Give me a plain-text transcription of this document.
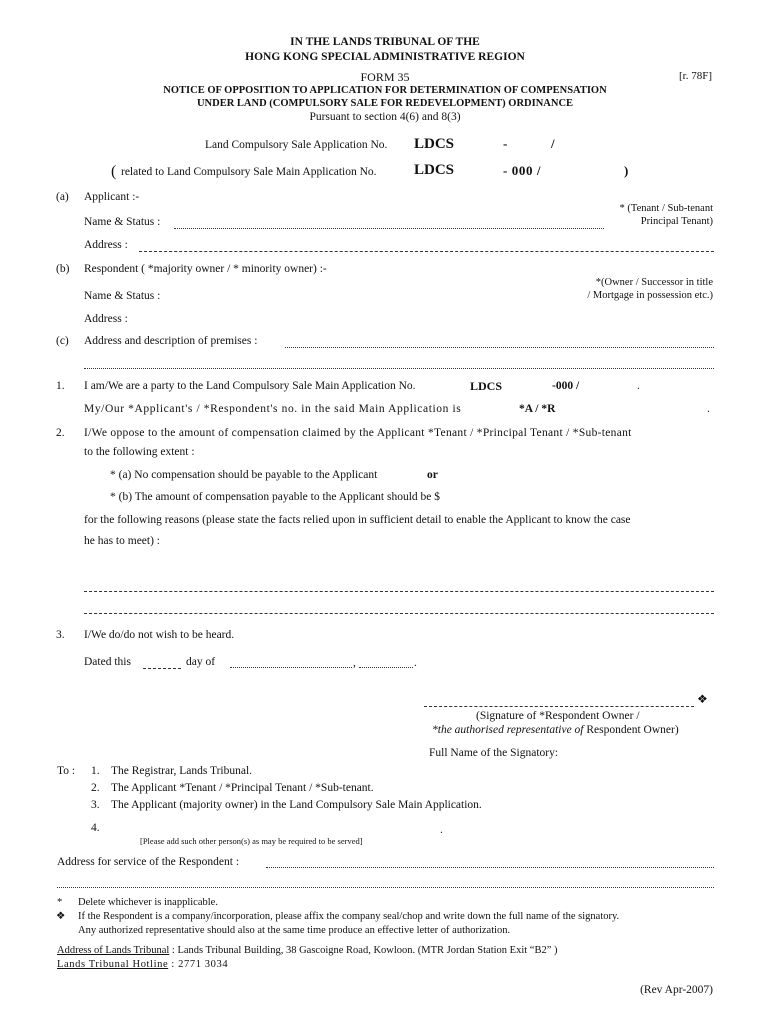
IN THE LANDS TRIBUNAL OF THE
HONG KONG SPECIAL ADMINISTRATIVE REGION
FORM 35	[r. 78F]
NOTICE OF OPPOSITION TO APPLICATION FOR DETERMINATION OF COMPENSATION
UNDER LAND (COMPULSORY SALE FOR REDEVELOPMENT) ORDINANCE
Pursuant to section 4(6) and 8(3)
Land Compulsory Sale Application No. LDCS	-	/
( related to Land Compulsory Sale Main Application No. LDCS	- 000 /	)
(a) Applicant :-
* (Tenant / Sub-tenant
Principal Tenant)
Name & Status :
Address :
(b) Respondent ( *majority owner / * minority owner) :-
*(Owner / Successor in title
/ Mortgage in possession etc.)
Name & Status :
Address :
(c) Address and description of premises :
1. I am/We are a party to the Land Compulsory Sale Main Application No.	LDCS	-000 /	.
My/Our *Applicant's / *Respondent's no. in the said Main Application is	*A / *R	.
2. I/We oppose to the amount of compensation claimed by the Applicant *Tenant / *Principal Tenant / *Sub-tenant
to the following extent :
* (a) No compensation should be payable to the Applicant	or
* (b) The amount of compensation payable to the Applicant should be $
for the following reasons (please state the facts relied upon in sufficient detail to enable the Applicant to know the case
he has to meet) :
3. I/We do/do not wish to be heard.
Dated this	day of	,	.
❖
(Signature of *Respondent Owner /
*the authorised representative of Respondent Owner)
Full Name of the Signatory:
To : 1. The Registrar, Lands Tribunal.
2. The Applicant *Tenant / *Principal Tenant / *Sub-tenant.
3. The Applicant (majority owner) in the Land Compulsory Sale Main Application.
4.	.
[Please add such other person(s) as may be required to be served]
Address for service of the Respondent :
* Delete whichever is inapplicable.
❖ If the Respondent is a company/incorporation, please affix the company seal/chop and write down the full name of the signatory.
Any authorized representative should also at the same time produce an effective letter of authorization.
Address of Lands Tribunal : Lands Tribunal Building, 38 Gascoigne Road, Kowloon. (MTR Jordan Station Exit “B2” )
Lands Tribunal Hotline : 2771 3034
(Rev Apr-2007)
